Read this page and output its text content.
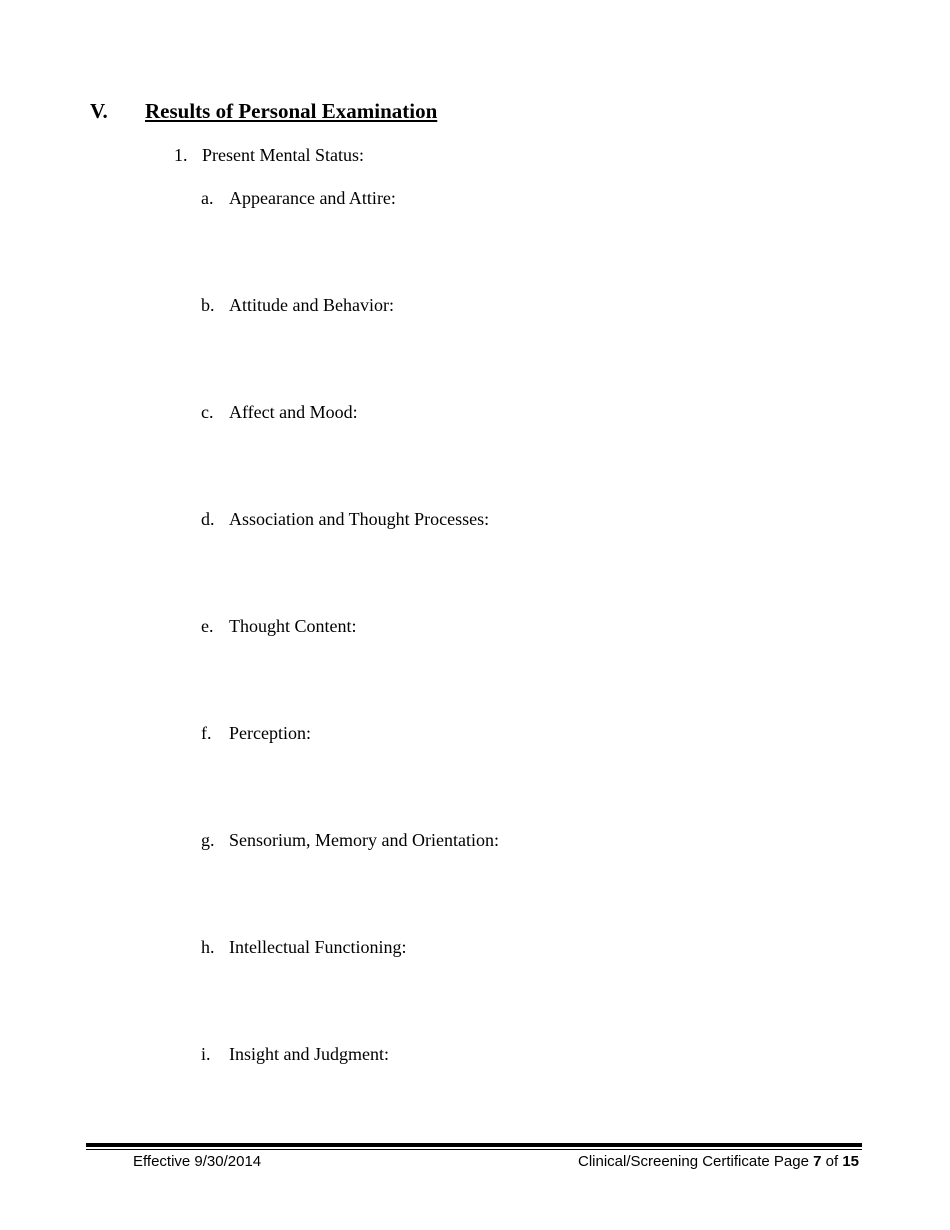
V. Results of Personal Examination
1. Present Mental Status:
a. Appearance and Attire:
b. Attitude and Behavior:
c. Affect and Mood:
d. Association and Thought Processes:
e. Thought Content:
f. Perception:
g. Sensorium, Memory and Orientation:
h. Intellectual Functioning:
i. Insight and Judgment:
Effective 9/30/2014	Clinical/Screening Certificate Page 7 of 15
